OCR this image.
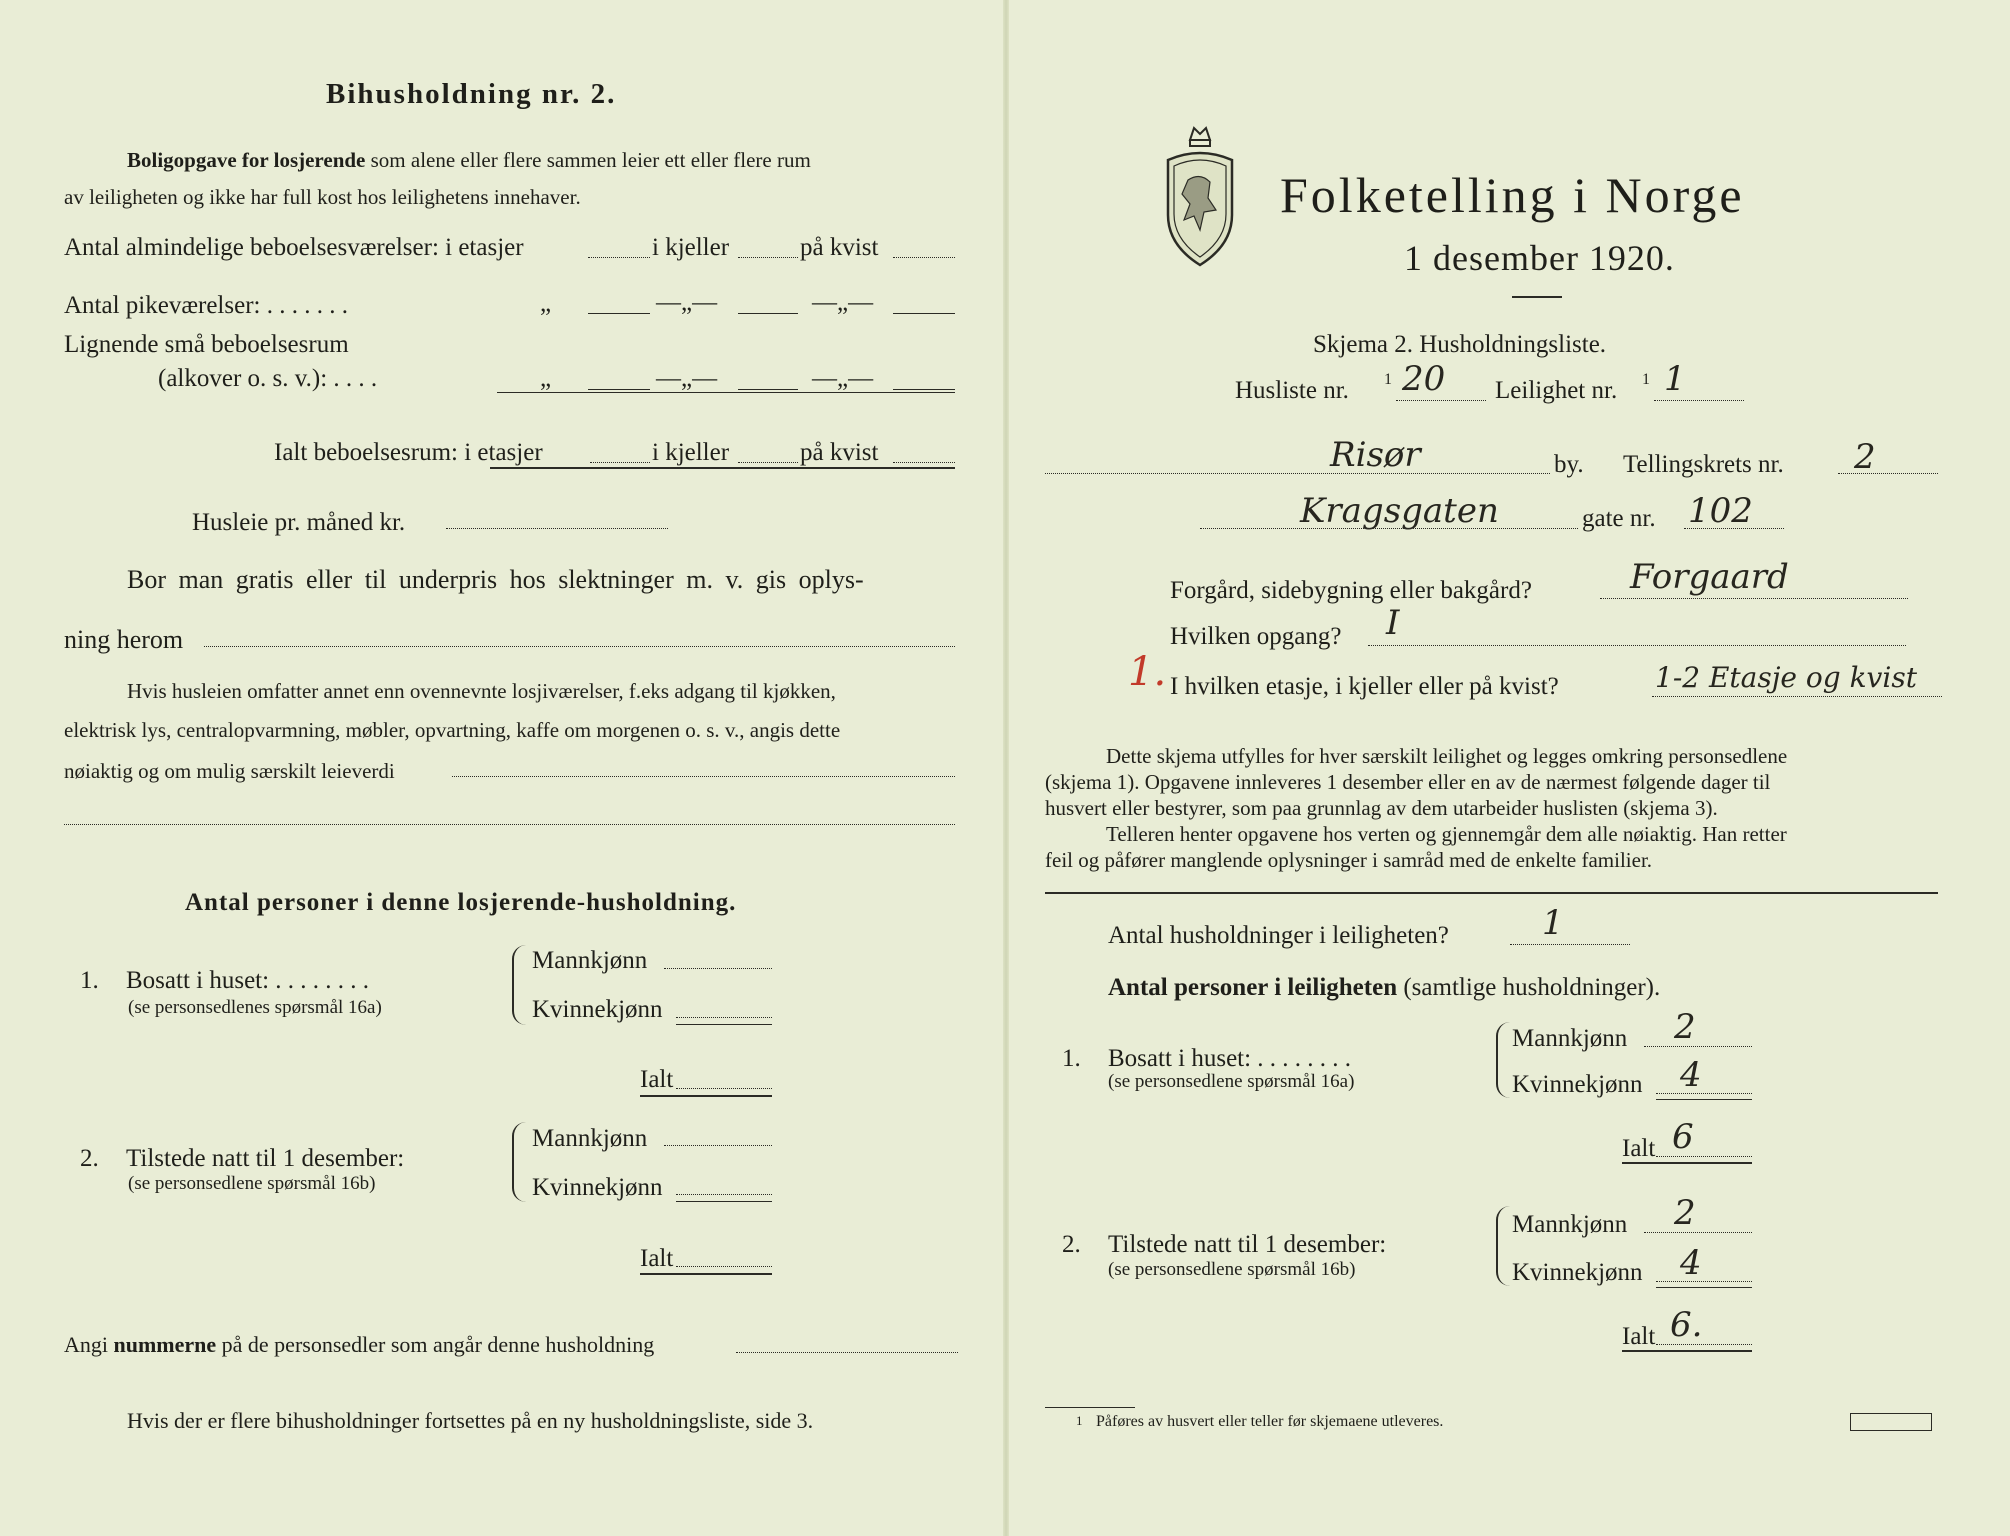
Bihusholdning nr. 2.
Boligopgave for losjerende som alene eller flere sammen leier ett eller flere rum
av leiligheten og ikke har full kost hos leilighetens innehaver.
Antal almindelige beboelsesværelser: i etasjer	i kjeller	på kvist
Antal pikeværelser: . . . . . . .	„	—„—	—„—
Lignende små beboelsesrum
(alkover o. s. v.): . . . .	„	—„—	—„—
Ialt beboelsesrum: i etasjer	i kjeller	på kvist
Husleie pr. måned kr.
Bor man gratis eller til underpris hos slektninger m. v. gis oplys-
ning herom
Hvis husleien omfatter annet enn ovennevnte losjiværelser, f.eks adgang til kjøkken,
elektrisk lys, centralopvarmning, møbler, opvartning, kaffe om morgenen o. s. v., angis dette
nøiaktig og om mulig særskilt leieverdi
Antal personer i denne losjerende-husholdning.
1. Bosatt i huset: . . . . . . . .
(se personsedlenes spørsmål 16a)
Mannkjønn
Kvinnekjønn
Ialt
2. Tilstede natt til 1 desember:
(se personsedlene spørsmål 16b)
Mannkjønn
Kvinnekjønn
Ialt
Angi nummerne på de personsedler som angår denne husholdning
Hvis der er flere bihusholdninger fortsettes på en ny husholdningsliste, side 3.
Folketelling i Norge
1 desember 1920.
Skjema 2. Husholdningsliste.
Husliste nr. 1 20 Leilighet nr. 1 1
Risør	by. Tellingskrets nr. 2
Kragsgaten	gate nr. 102
Forgård, sidebygning eller bakgård?	Forgaard
Hvilken opgang? I
1. I hvilken etasje, i kjeller eller på kvist?	1-2 Etasje og kvist
Dette skjema utfylles for hver særskilt leilighet og legges omkring personsedlene
(skjema 1). Opgavene innleveres 1 desember eller en av de nærmest følgende dager til
husvert eller bestyrer, som paa grunnlag av dem utarbeider huslisten (skjema 3).
Telleren henter opgavene hos verten og gjennemgår dem alle nøiaktig. Han retter
feil og påfører manglende oplysninger i samråd med de enkelte familier.
Antal husholdninger i leiligheten?	1
Antal personer i leiligheten (samtlige husholdninger).
1. Bosatt i huset: . . . . . . . .
(se personsedlene spørsmål 16a)
Mannkjønn 2
Kvinnekjønn 4
Ialt 6
2. Tilstede natt til 1 desember:
(se personsedlene spørsmål 16b)
Mannkjønn 2
Kvinnekjønn 4
Ialt 6.
1 Påføres av husvert eller teller før skjemaene utleveres.
